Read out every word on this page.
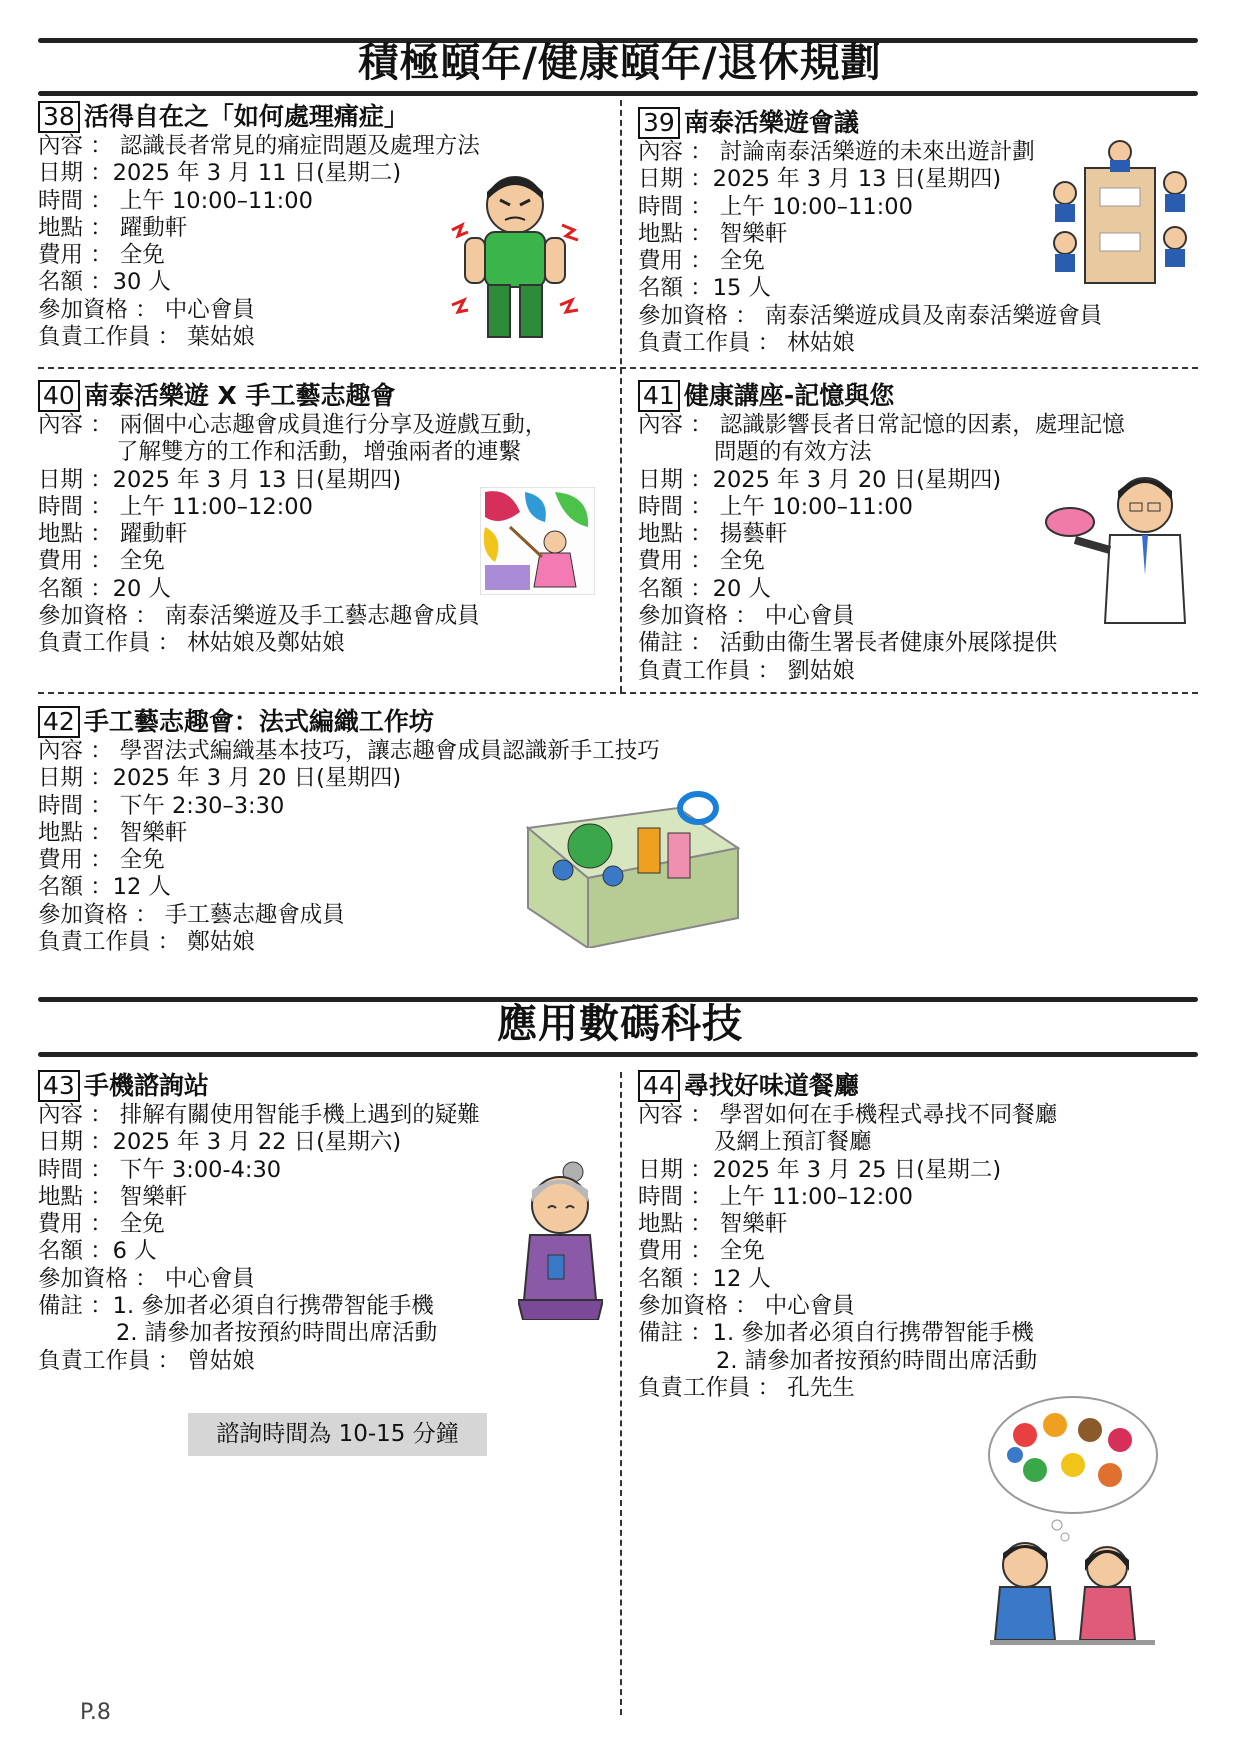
積極頤年/健康頤年/退休規劃
38 活得自在之「如何處理痛症」
內容 ： 認識長者常見的痛症問題及處理方法
日期 ：2025 年 3 月 11 日(星期二)
時間 ： 上午 10:00–11:00
地點 ： 躍動軒
費用 ： 全免
名額 ：30 人
參加資格 ： 中心會員
負責工作員 ： 葉姑娘
39 南泰活樂遊會議
內容 ： 討論南泰活樂遊的未來出遊計劃
日期 ：2025 年 3 月 13 日(星期四)
時間 ： 上午 10:00–11:00
地點 ： 智樂軒
費用 ： 全免
名額 ：15 人
參加資格 ： 南泰活樂遊成員及南泰活樂遊會員
負責工作員 ： 林姑娘
40 南泰活樂遊 X 手工藝志趣會
內容 ： 兩個中心志趣會成員進行分享及遊戲互動，
了解雙方的工作和活動，增強兩者的連繫
日期 ：2025 年 3 月 13 日(星期四)
時間 ： 上午 11:00–12:00
地點 ： 躍動軒
費用 ： 全免
名額 ：20 人
參加資格 ： 南泰活樂遊及手工藝志趣會成員
負責工作員 ： 林姑娘及鄭姑娘
41 健康講座-記憶與您
內容 ： 認識影響長者日常記憶的因素，處理記憶
問題的有效方法
日期 ：2025 年 3 月 20 日(星期四)
時間 ： 上午 10:00–11:00
地點 ： 揚藝軒
費用 ： 全免
名額 ：20 人
參加資格 ： 中心會員
備註 ： 活動由衞生署長者健康外展隊提供
負責工作員 ： 劉姑娘
42 手工藝志趣會：法式編織工作坊
內容 ： 學習法式編織基本技巧，讓志趣會成員認識新手工技巧
日期 ：2025 年 3 月 20 日(星期四)
時間 ： 下午 2:30–3:30
地點 ： 智樂軒
費用 ： 全免
名額 ：12 人
參加資格 ： 手工藝志趣會成員
負責工作員 ： 鄭姑娘
應用數碼科技
43 手機諮詢站
內容 ： 排解有關使用智能手機上遇到的疑難
日期 ：2025 年 3 月 22 日(星期六)
時間 ： 下午 3:00-4:30
地點 ： 智樂軒
費用 ： 全免
名額 ：6 人
參加資格 ： 中心會員
備註 ：1. 參加者必須自行携帶智能手機
2. 請參加者按預約時間出席活動
負責工作員 ： 曾姑娘
諮詢時間為 10-15 分鐘
44 尋找好味道餐廳
內容 ： 學習如何在手機程式尋找不同餐廳
及網上預訂餐廳
日期 ：2025 年 3 月 25 日(星期二)
時間 ： 上午 11:00–12:00
地點 ： 智樂軒
費用 ： 全免
名額 ：12 人
參加資格 ： 中心會員
備註 ：1. 參加者必須自行携帶智能手機
2. 請參加者按預約時間出席活動
負責工作員 ： 孔先生
P.8
